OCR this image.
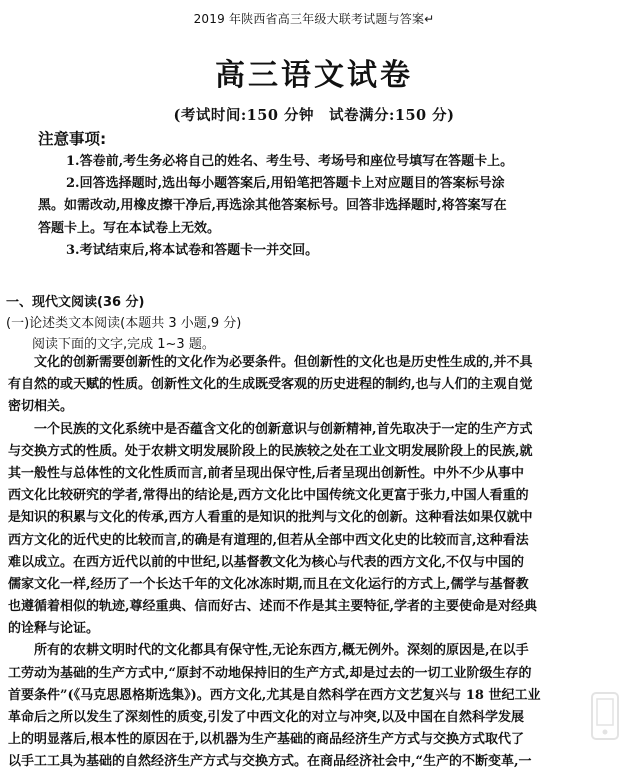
2019 年陕西省高三年级大联考试题与答案↵
高三语文试卷
(考试时间:150 分钟　试卷满分:150 分)
注意事项:
1.答卷前,考生务必将自己的姓名、考生号、考场号和座位号填写在答题卡上。
2.回答选择题时,选出每小题答案后,用铅笔把答题卡上对应题目的答案标号涂
黑。如需改动,用橡皮擦干净后,再选涂其他答案标号。回答非选择题时,将答案写在
答题卡上。写在本试卷上无效。
3.考试结束后,将本试卷和答题卡一并交回。
一、现代文阅读(36 分)
(一)论述类文本阅读(本题共 3 小题,9 分)
阅读下面的文字,完成 1~3 题。
文化的创新需要创新性的文化作为必要条件。但创新性的文化也是历史性生成的,并不具
有自然的或天赋的性质。创新性文化的生成既受客观的历史进程的制约,也与人们的主观自觉
密切相关。
一个民族的文化系统中是否蕴含文化的创新意识与创新精神,首先取决于一定的生产方式
与交换方式的性质。处于农耕文明发展阶段上的民族较之处在工业文明发展阶段上的民族,就
其一般性与总体性的文化性质而言,前者呈现出保守性,后者呈现出创新性。中外不少从事中
西文化比较研究的学者,常得出的结论是,西方文化比中国传统文化更富于张力,中国人看重的
是知识的积累与文化的传承,西方人看重的是知识的批判与文化的创新。这种看法如果仅就中
西方文化的近代史的比较而言,的确是有道理的,但若从全部中西文化史的比较而言,这种看法
难以成立。在西方近代以前的中世纪,以基督教文化为核心与代表的西方文化,不仅与中国的
儒家文化一样,经历了一个长达千年的文化冰冻时期,而且在文化运行的方式上,儒学与基督教
也遵循着相似的轨迹,尊经重典、信而好古、述而不作是其主要特征,学者的主要使命是对经典
的诠释与论证。
所有的农耕文明时代的文化都具有保守性,无论东西方,概无例外。深刻的原因是,在以手
工劳动为基础的生产方式中,“原封不动地保持旧的生产方式,却是过去的一切工业阶级生存的
首要条件”(《马克思恩格斯选集》)。西方文化,尤其是自然科学在西方文艺复兴与 18 世纪工业
革命后之所以发生了深刻性的质变,引发了中西文化的对立与冲突,以及中国在自然科学发展
上的明显落后,根本性的原因在于,以机器为生产基础的商品经济生产方式与交换方式取代了
以手工工具为基础的自然经济生产方式与交换方式。在商品经济社会中,“生产的不断变革,一
